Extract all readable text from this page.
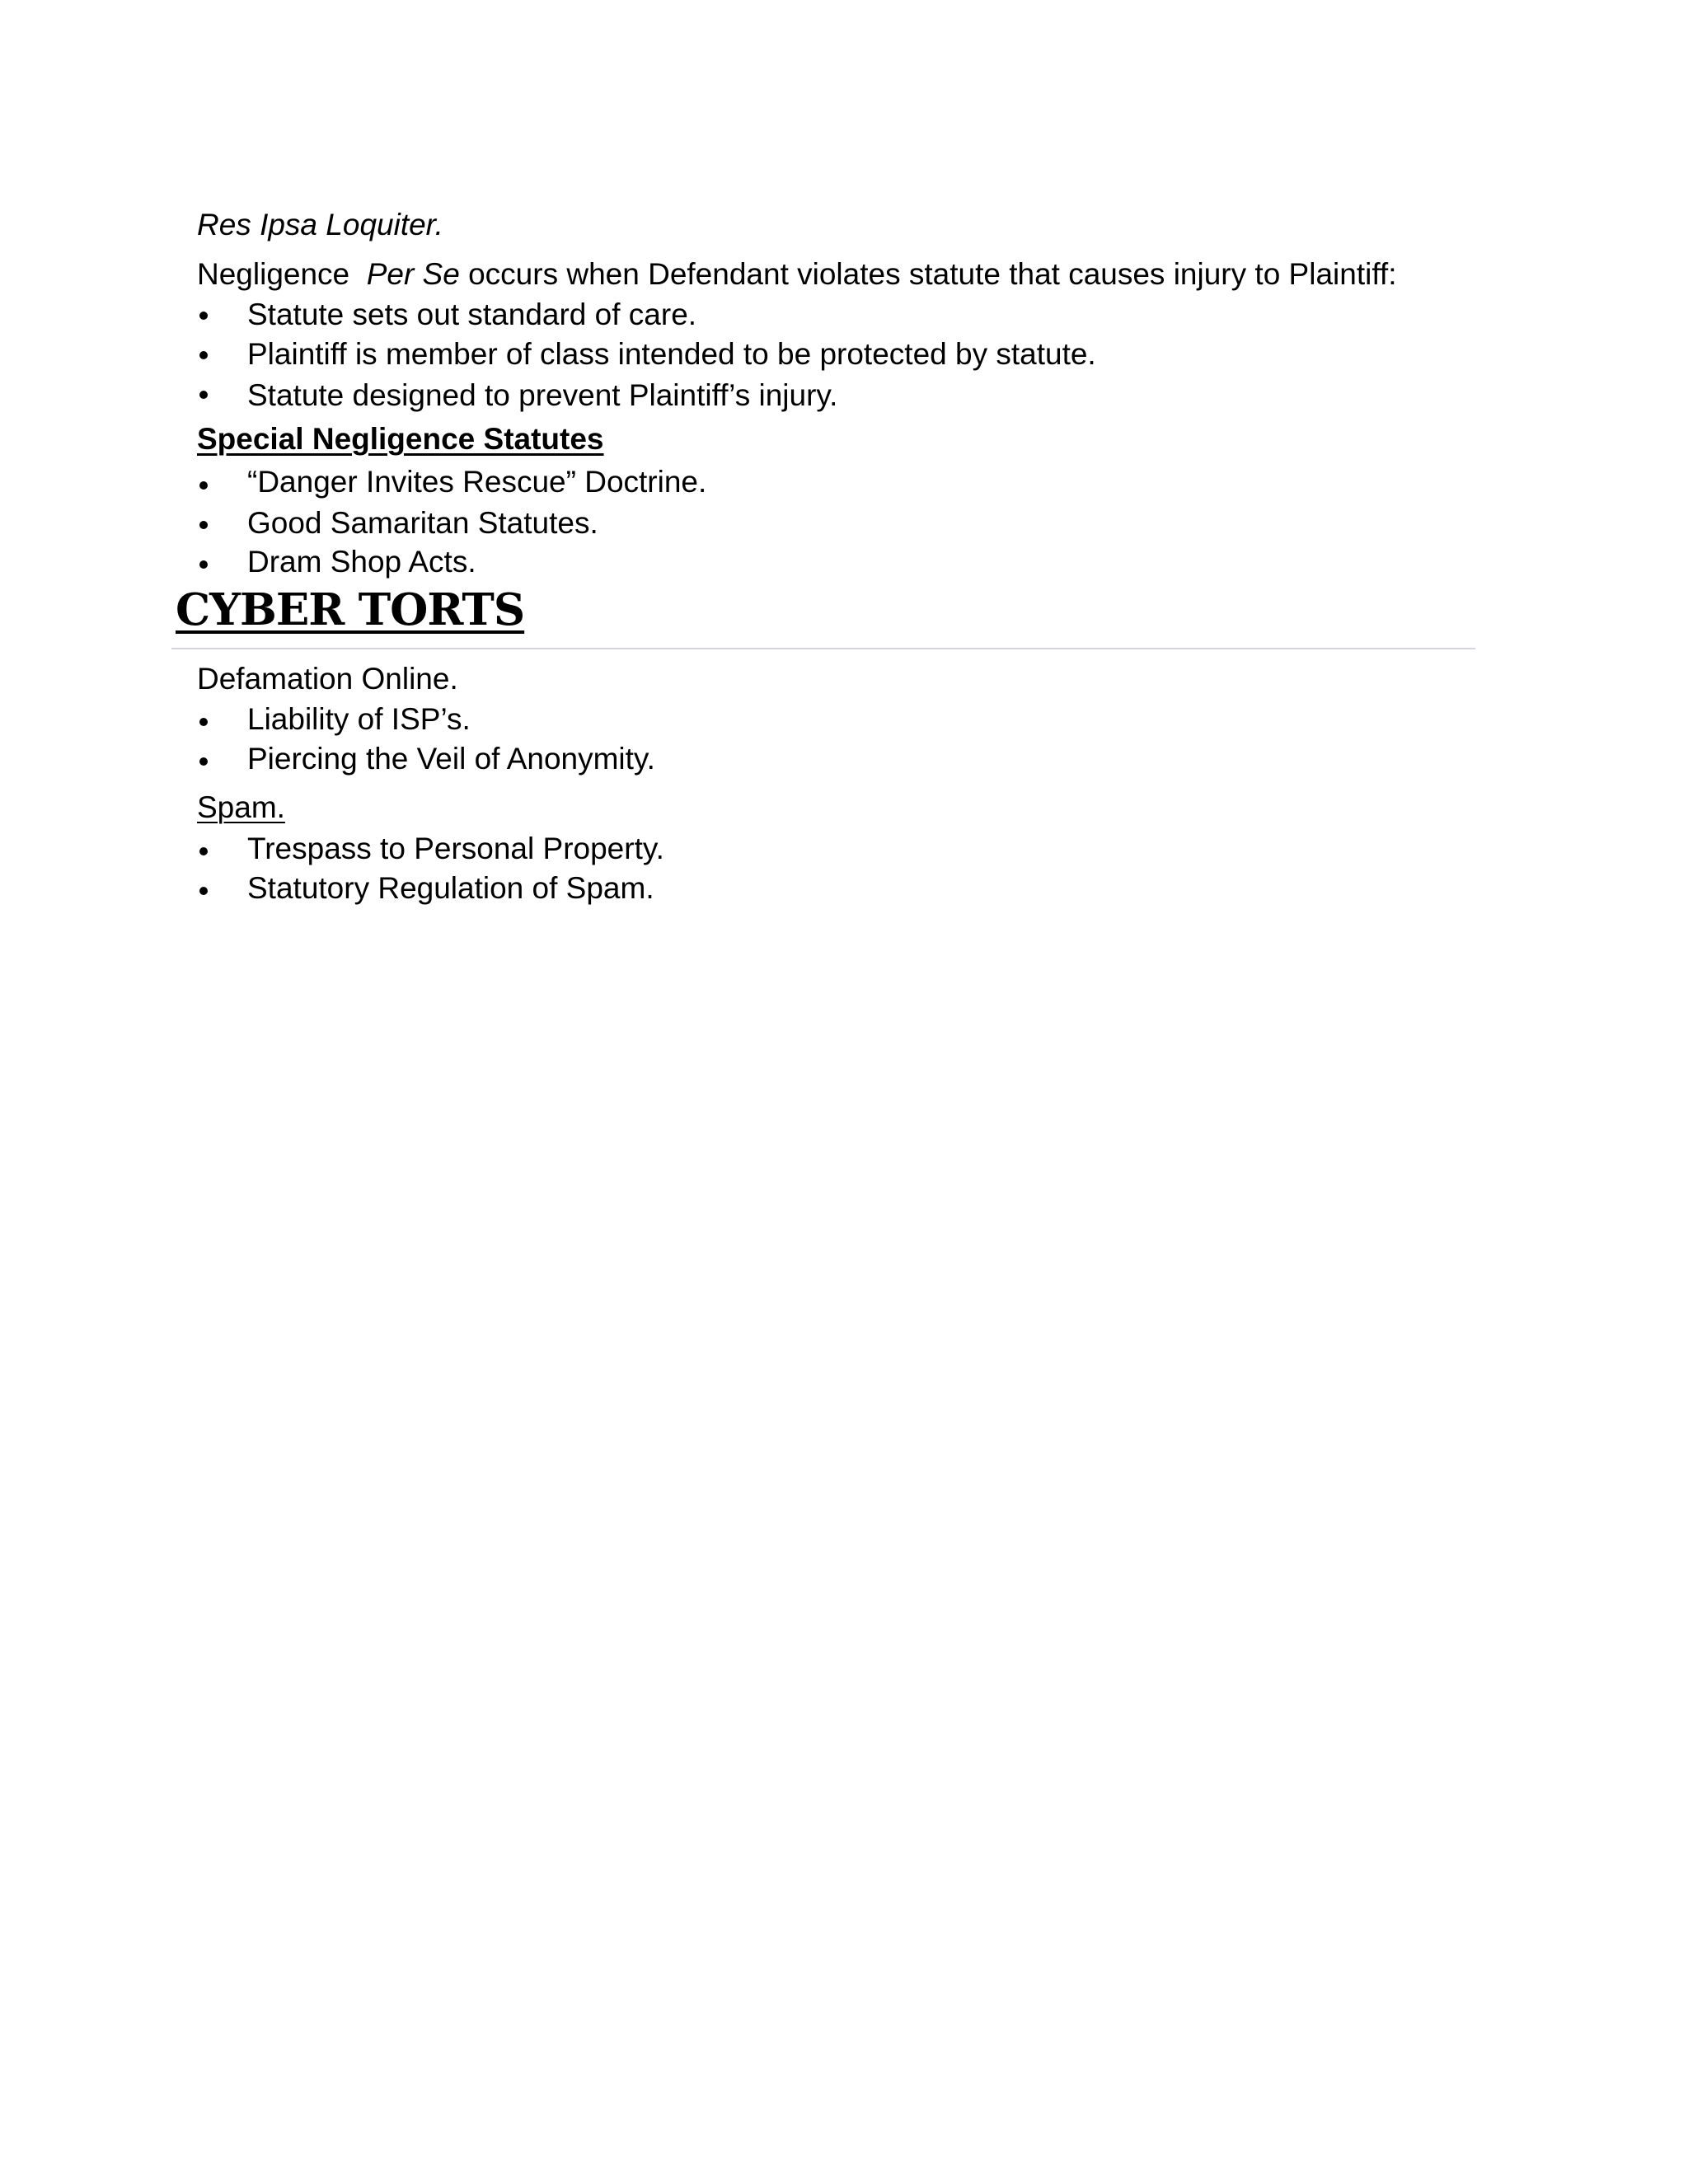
Res Ipsa Loquiter.
Negligence Per Se occurs when Defendant violates statute that causes injury to Plaintiff:
Statute sets out standard of care.
Plaintiff is member of class intended to be protected by statute.
Statute designed to prevent Plaintiff’s injury.
Special Negligence Statutes
“Danger Invites Rescue” Doctrine.
Good Samaritan Statutes.
Dram Shop Acts.
CYBER TORTS
Defamation Online.
Liability of ISP’s.
Piercing the Veil of Anonymity.
Spam.
Trespass to Personal Property.
Statutory Regulation of Spam.
